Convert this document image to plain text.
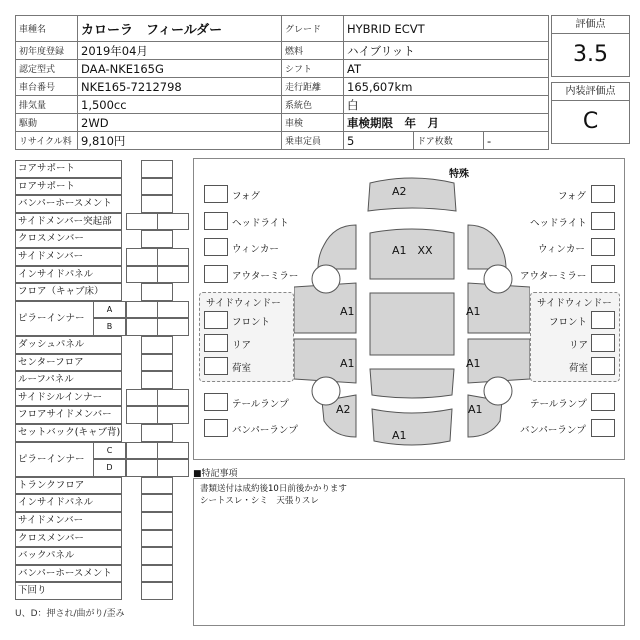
車種名	カローラ　フィールダー	グレード	HYBRID ECVT		
初年度登録	2019年04月	燃料	ハイブリット		
認定型式	DAA-NKE165G	シフト	AT		
車台番号	NKE165-7212798	走行距離	165,607km		
排気量	1,500cc	系統色	白		
駆動	2WD	車検	車検期限　年　月		
リサイクル料	9,810円	乗車定員	5	ドア枚数	-
評価点
3.5
内装評価点
C
コアサポート
ロアサポート
バンパーホースメント
サイドメンバー突起部
クロスメンバー
サイドメンバー
インサイドパネル
フロア（キャブ床）
ピラーインナー
A
B
ダッシュパネル
センターフロア
ルーフパネル
サイドシルインナー
フロアサイドメンバー
セットバック(キャブ背)
ピラーインナー
C
D
トランクフロア
インサイドパネル
サイドメンバー
クロスメンバー
バックパネル
バンパーホースメント
下回り
U、D：押され/曲がり/歪み
特殊
フォグ
ヘッドライト
ウィンカー
アウターミラー
サイドウィンドー
フロント
リア
荷室
テールランプ
バンパーランプ
フォグ
ヘッドライト
ウィンカー
アウターミラー
サイドウィンドー
フロント
リア
荷室
テールランプ
バンパーランプ
A2
A1　XX
A1
A1
A2
A1
A1
A1
A1
■特記事項
書類送付は成約後10日前後かかります
シートスレ・シミ　天張りスレ
